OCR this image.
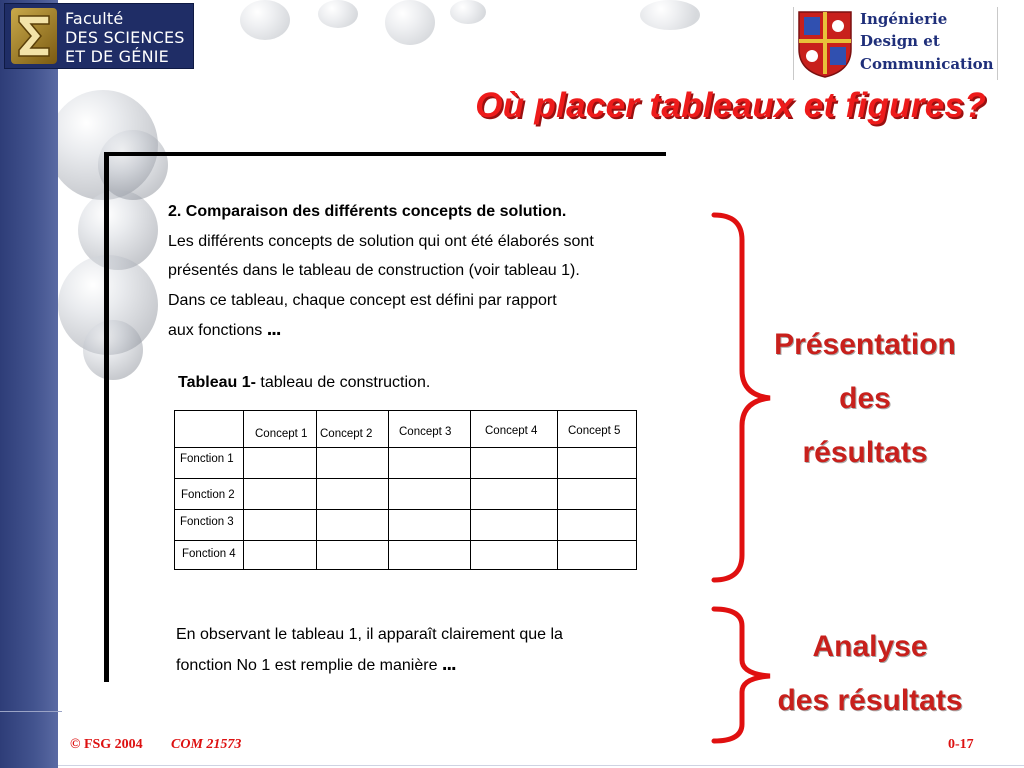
Faculté
DES SCIENCES
ET DE GÉNIE
Ingénierie
Design et
Communication
Où placer tableaux et figures?
2. Comparaison des différents concepts de solution.
Les différents concepts de solution qui ont été élaborés sont
présentés dans le tableau de construction (voir tableau 1).
Dans ce tableau, chaque concept est défini par rapport
aux fonctions ...
Tableau 1- tableau de construction.
Concept 1 Concept 2 Concept 3	Concept 4	Concept 5
Fonction 1
Fonction 2
Fonction 3
Fonction 4
En observant le tableau 1, il apparaît clairement que la
fonction No 1 est remplie de manière ...
Présentation
des
résultats
Analyse
des résultats
© FSG 2004 COM 21573	0-17
